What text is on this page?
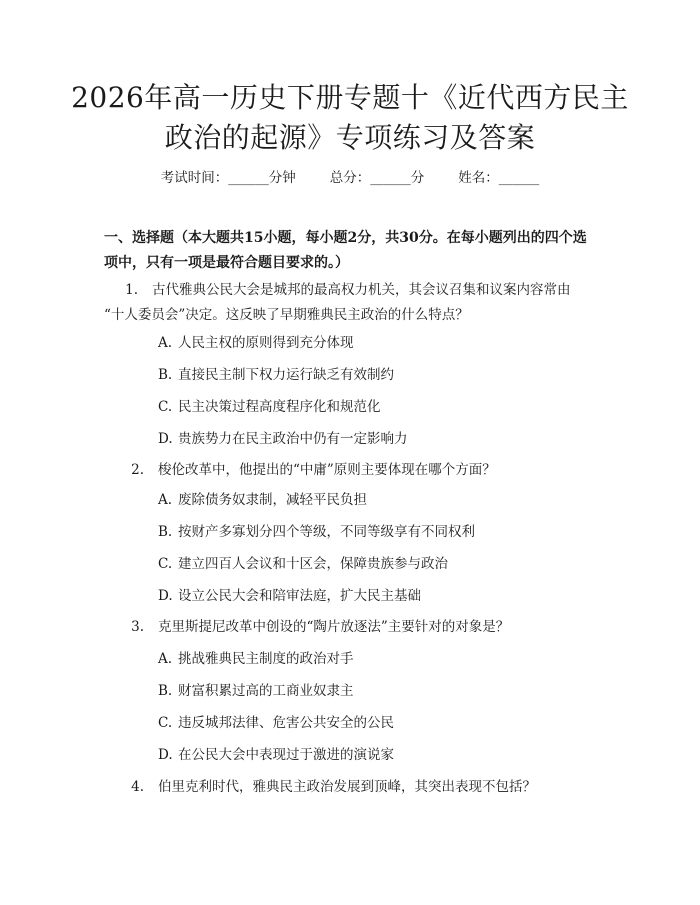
2026年高一历史下册专题十《近代西方民主
政治的起源》专项练习及答案
考试时间：______分钟	总分：______分	姓名：______
一、选择题（本大题共15小题，每小题2分，共30分。在每小题列出的四个选
项中，只有一项是最符合题目要求的。）
1. 古代雅典公民大会是城邦的最高权力机关，其会议召集和议案内容常由
“十人委员会”决定。这反映了早期雅典民主政治的什么特点？
A. 人民主权的原则得到充分体现
B. 直接民主制下权力运行缺乏有效制约
C. 民主决策过程高度程序化和规范化
D. 贵族势力在民主政治中仍有一定影响力
2. 梭伦改革中，他提出的“中庸”原则主要体现在哪个方面？
A. 废除债务奴隶制，减轻平民负担
B. 按财产多寡划分四个等级，不同等级享有不同权利
C. 建立四百人会议和十区会，保障贵族参与政治
D. 设立公民大会和陪审法庭，扩大民主基础
3. 克里斯提尼改革中创设的“陶片放逐法”主要针对的对象是？
A. 挑战雅典民主制度的政治对手
B. 财富积累过高的工商业奴隶主
C. 违反城邦法律、危害公共安全的公民
D. 在公民大会中表现过于激进的演说家
4. 伯里克利时代，雅典民主政治发展到顶峰，其突出表现不包括？
